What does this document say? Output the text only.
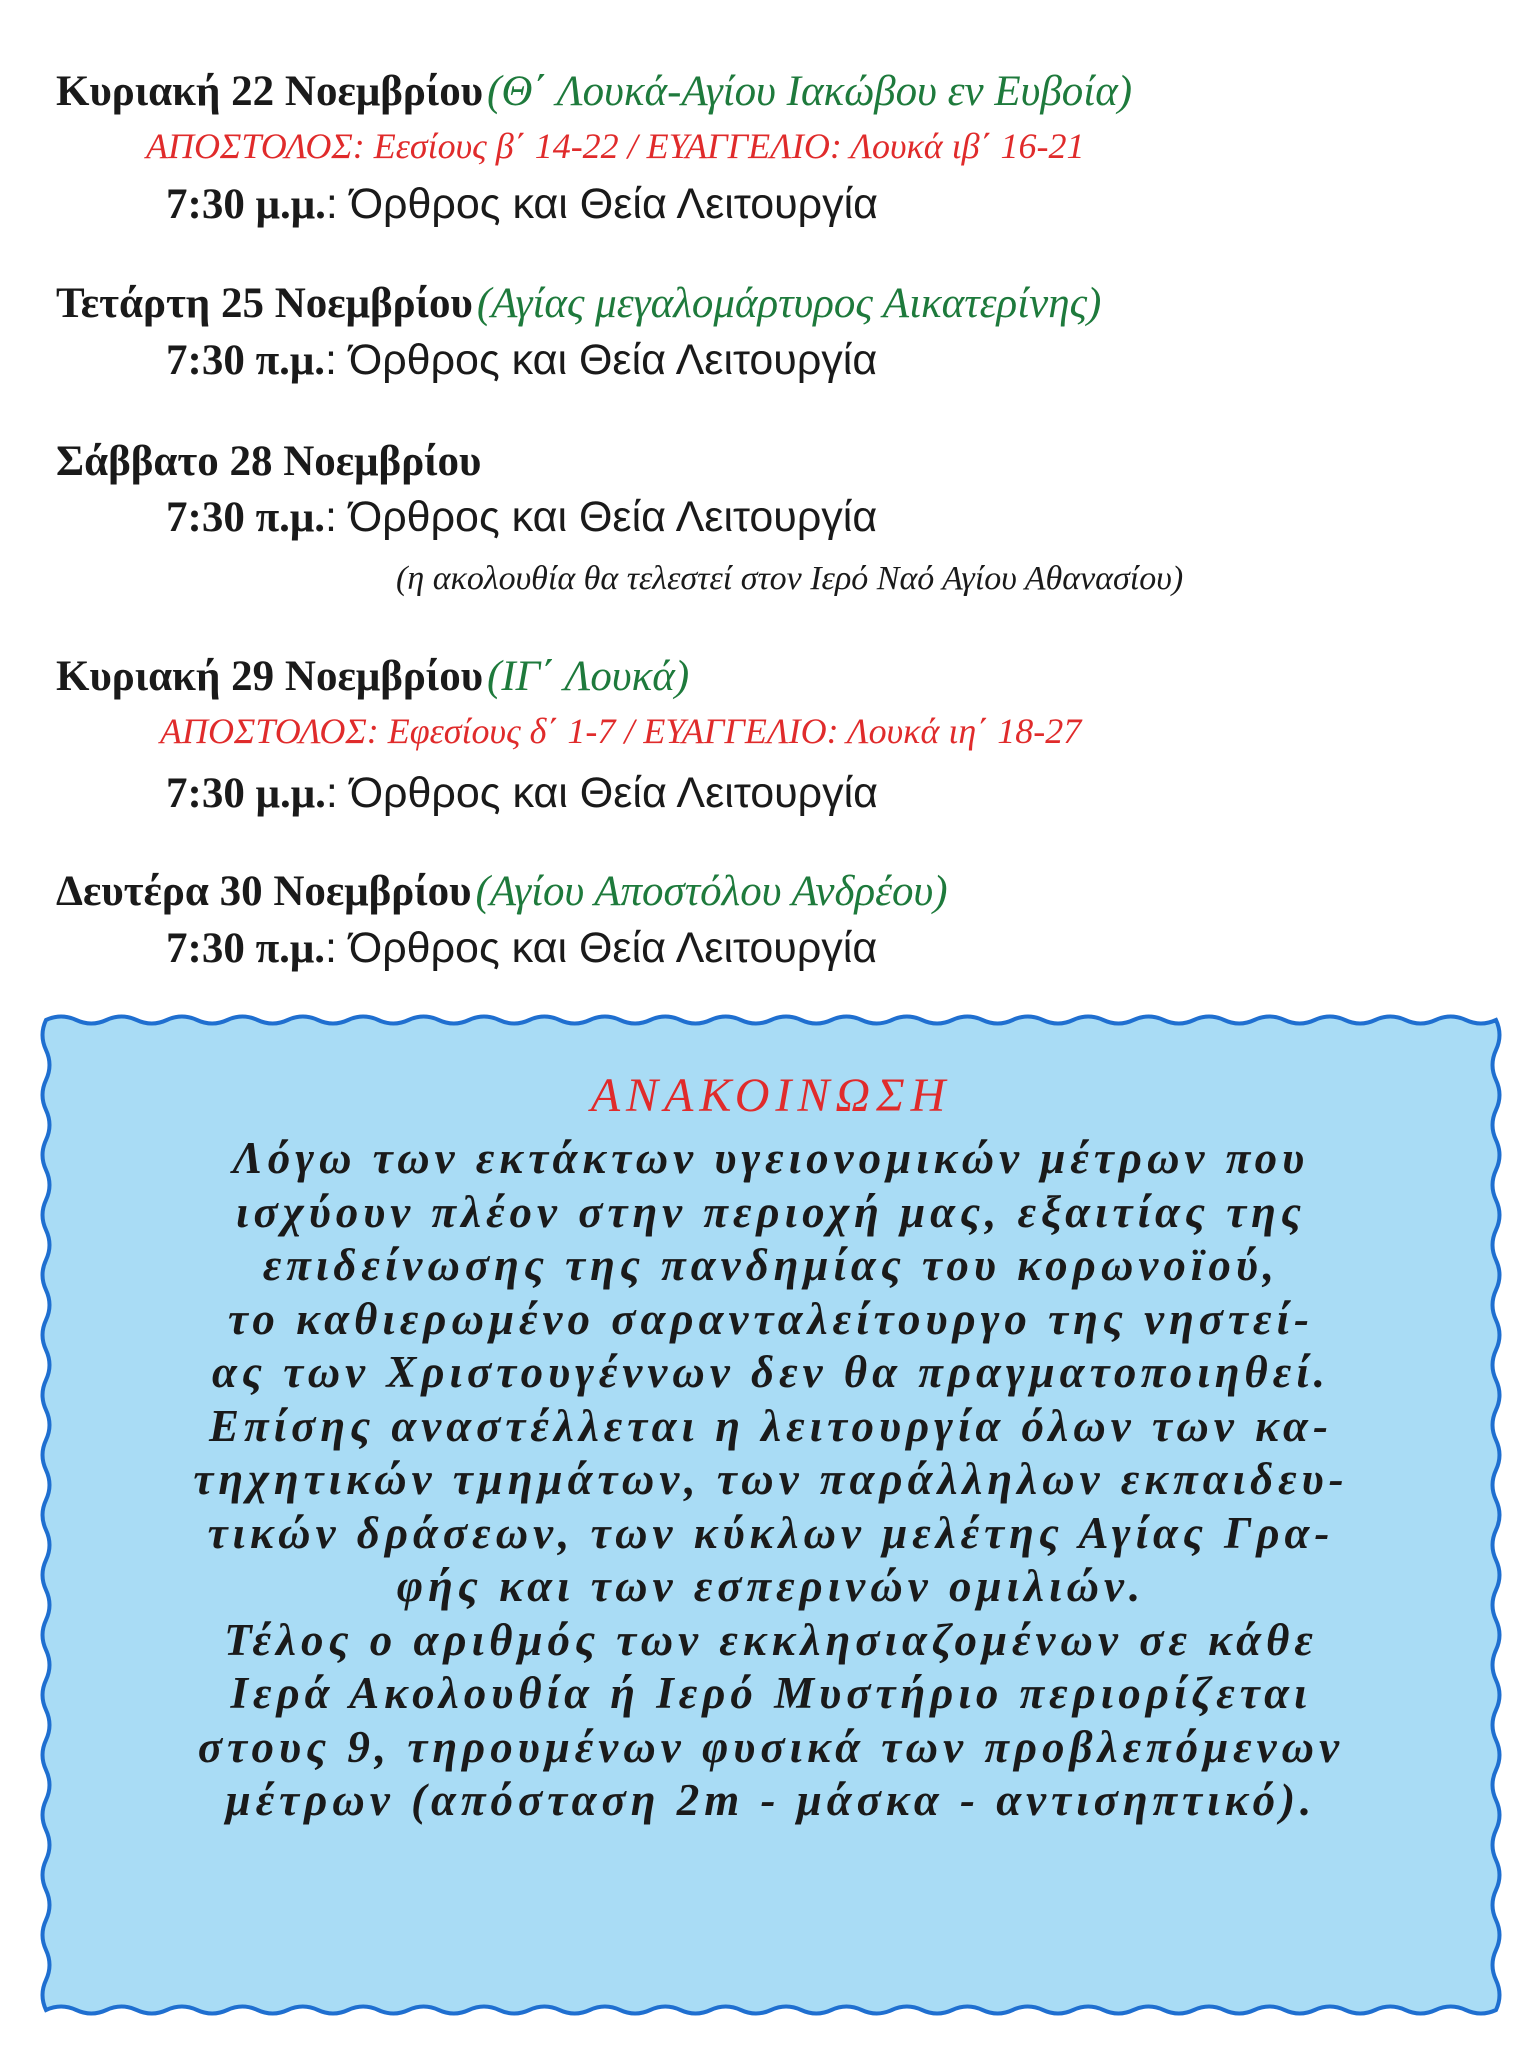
Κυριακή 22 Νοεμβρίου (Θ΄ Λουκά-Αγίου Ιακώβου εν Ευβοία)
ΑΠΟΣΤΟΛΟΣ: Εεσίους β΄ 14-22 / ΕΥΑΓΓΕΛΙΟ: Λουκά ιβ΄ 16-21
7:30 μ.μ.: Όρθρος και Θεία Λειτουργία
Τετάρτη 25 Νοεμβρίου (Αγίας μεγαλομάρτυρος Αικατερίνης)
7:30 π.μ.: Όρθρος και Θεία Λειτουργία
Σάββατο 28 Νοεμβρίου
7:30 π.μ.: Όρθρος και Θεία Λειτουργία
(η ακολουθία θα τελεστεί στον Ιερό Ναό Αγίου Αθανασίου)
Κυριακή 29 Νοεμβρίου (ΙΓ΄ Λουκά)
ΑΠΟΣΤΟΛΟΣ: Εφεσίους δ΄ 1-7 / ΕΥΑΓΓΕΛΙΟ: Λουκά ιη΄ 18-27
7:30 μ.μ.: Όρθρος και Θεία Λειτουργία
Δευτέρα 30 Νοεμβρίου (Αγίου Αποστόλου Ανδρέου)
7:30 π.μ.: Όρθρος και Θεία Λειτουργία
ΑΝΑΚΟΙΝΩΣΗ
Λόγω των εκτάκτων υγειονομικών μέτρων που
ισχύουν πλέον στην περιοχή μας, εξαιτίας της
επιδείνωσης της πανδημίας του κορωνοϊού,
το καθιερωμένο σαρανταλείτουργο της νηστεί-
ας των Χριστουγέννων δεν θα πραγματοποιηθεί.
Επίσης αναστέλλεται η λειτουργία όλων των κα-
τηχητικών τμημάτων, των παράλληλων εκπαιδευ-
τικών δράσεων, των κύκλων μελέτης Αγίας Γρα-
φής και των εσπερινών ομιλιών.
Τέλος ο αριθμός των εκκλησιαζομένων σε κάθε
Ιερά Ακολουθία ή Ιερό Μυστήριο περιορίζεται
στους 9, τηρουμένων φυσικά των προβλεπόμενων
μέτρων (απόσταση 2m - μάσκα - αντισηπτικό).
